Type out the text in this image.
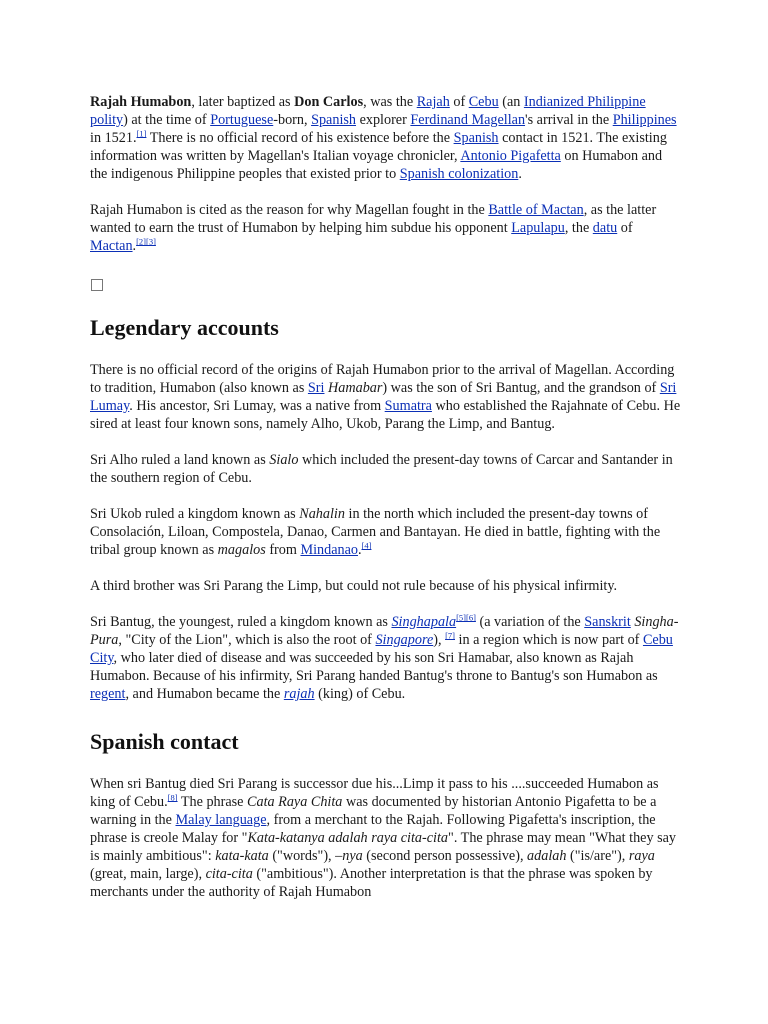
Rajah Humabon, later baptized as Don Carlos, was the Rajah of Cebu (an Indianized Philippine polity) at the time of Portuguese-born, Spanish explorer Ferdinand Magellan's arrival in the Philippines in 1521.[1] There is no official record of his existence before the Spanish contact in 1521. The existing information was written by Magellan's Italian voyage chronicler, Antonio Pigafetta on Humabon and the indigenous Philippine peoples that existed prior to Spanish colonization.

Rajah Humabon is cited as the reason for why Magellan fought in the Battle of Mactan, as the latter wanted to earn the trust of Humabon by helping him subdue his opponent Lapulapu, the datu of Mactan.[2][3]

Legendary accounts

There is no official record of the origins of Rajah Humabon prior to the arrival of Magellan. According to tradition, Humabon (also known as Sri Hamabar) was the son of Sri Bantug, and the grandson of Sri Lumay. His ancestor, Sri Lumay, was a native from Sumatra who established the Rajahnate of Cebu. He sired at least four known sons, namely Alho, Ukob, Parang the Limp, and Bantug.

Sri Alho ruled a land known as Sialo which included the present-day towns of Carcar and Santander in the southern region of Cebu.

Sri Ukob ruled a kingdom known as Nahalin in the north which included the present-day towns of Consolación, Liloan, Compostela, Danao, Carmen and Bantayan. He died in battle, fighting with the tribal group known as magalos from Mindanao.[4]

A third brother was Sri Parang the Limp, but could not rule because of his physical infirmity.

Sri Bantug, the youngest, ruled a kingdom known as Singhapala[5][6] (a variation of the Sanskrit Singha-Pura, "City of the Lion", which is also the root of Singapore), [7] in a region which is now part of Cebu City, who later died of disease and was succeeded by his son Sri Hamabar, also known as Rajah Humabon. Because of his infirmity, Sri Parang handed Bantug's throne to Bantug's son Humabon as regent, and Humabon became the rajah (king) of Cebu.

Spanish contact

When sri Bantug died Sri Parang is successor due his...Limp it pass to his ....succeeded Humabon as king of Cebu.[8] The phrase Cata Raya Chita was documented by historian Antonio Pigafetta to be a warning in the Malay language, from a merchant to the Rajah. Following Pigafetta's inscription, the phrase is creole Malay for "Kata-katanya adalah raya cita-cita". The phrase may mean "What they say is mainly ambitious": kata-kata ("words"), –nya (second person possessive), adalah ("is/are"), raya (great, main, large), cita-cita ("ambitious"). Another interpretation is that the phrase was spoken by merchants under the authority of Rajah Humabon
